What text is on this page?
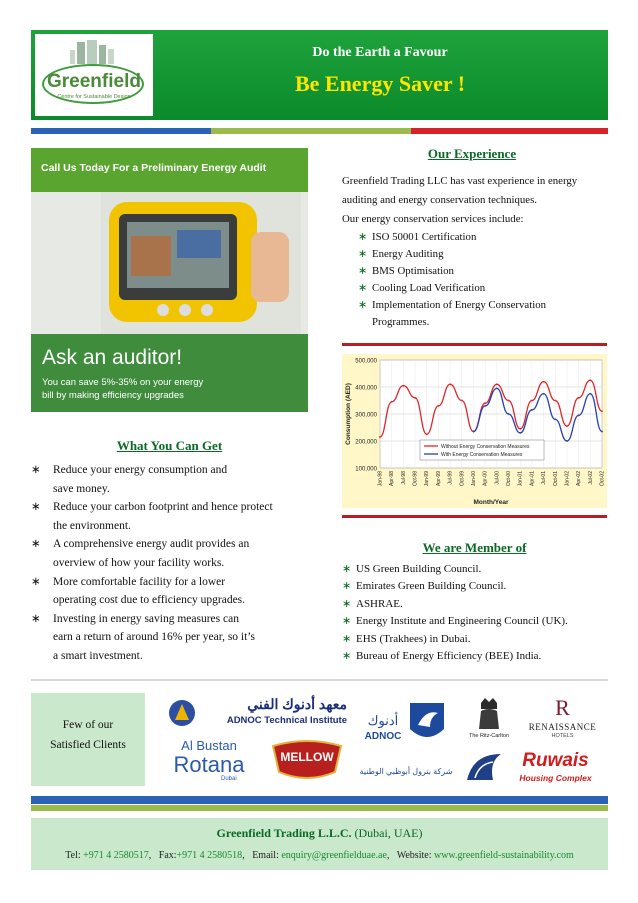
Greenfield
Centre for Sustainable Design
Do the Earth a Favour
Be Energy Saver !
Call Us Today For a Preliminary Energy Audit
Ask an auditor!
You can save 5%-35% on your energy
bill by making efficiency upgrades
Our Experience
Greenfield Trading LLC has vast experience in energy auditing and energy conservation techniques.
Our energy conservation services include:
∗ ISO 50001 Certification
∗ Energy Auditing
∗ BMS Optimisation
∗ Cooling Load Verification
∗ Implementation of Energy Conservation Programmes.
100,000
200,000
300,000
400,000
500,000
Jan-98 Apr-98 Jul-98 Oct-98 Jan-99 Apr-99 Jul-99 Oct-99 Jan-00 Apr-00 Jul-00 Oct-00 Jan-01 Apr-01 Jul-01 Oct-01 Jan-02 Apr-02 Jul-02 Oct-02
Without Energy Conservation Measures
With Energy Conservation Measures
Month/Year
Consumption (AED)
What You Can Get
∗ Reduce your energy consumption and
save money.
∗ Reduce your carbon footprint and hence protect
the environment.
∗ A comprehensive energy audit provides an
overview of how your facility works.
∗ More comfortable facility for a lower
operating cost due to efficiency upgrades.
∗ Investing in energy saving measures can
earn a return of around 16% per year, so it’s
a smart investment.
We are Member of
∗ US Green Building Council.
∗ Emirates Green Building Council.
∗ ASHRAE.
∗ Energy Institute and Engineering Council (UK).
∗ EHS (Trakhees) in Dubai.
∗ Bureau of Energy Efficiency (BEE) India.
Few of our
Satisfied Clients
معهد أدنوك الفني
ADNOC Technical Institute
Al Bustan
Rotana
Dubai
MELLOW
أدنوك
ADNOC
شركة بترول أبوظبي الوطنية
The Ritz-Carlton
R
RENAISSANCE
HOTELS
Ruwais
Housing Complex
Greenfield Trading L.L.C. (Dubai, UAE)
Tel: +971 4 2580517,   Fax:+971 4 2580518,   Email: enquiry@greenfielduae.ae,   Website: www.greenfield-sustainability.com
